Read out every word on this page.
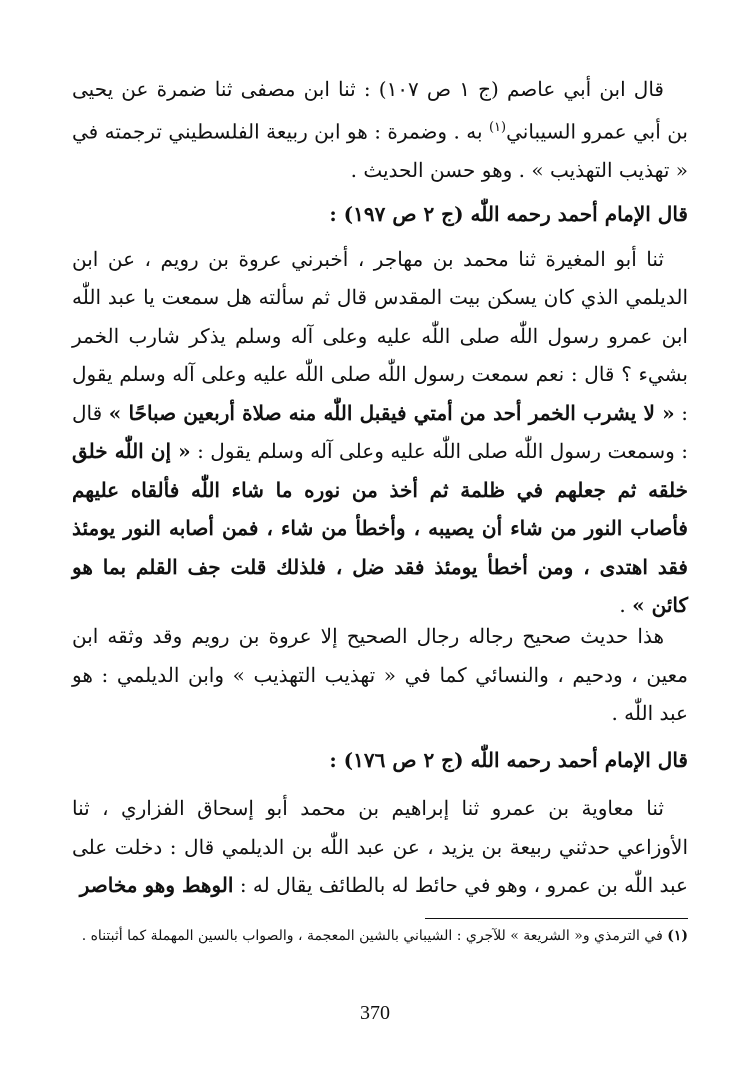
قال ابن أبي عاصم (ج ١ ص ١٠٧) : ثنا ابن مصفى ثنا ضمرة عن يحيى بن أبي عمرو السيباني$^{(١)}$ به . وضمرة : هو ابن ربيعة الفلسطيني ترجمته في « تهذيب التهذيب » . وهو حسن الحديث .

قال الإمام أحمد رحمه اللّٰه (ج ٢ ص ١٩٧) :

ثنا أبو المغيرة ثنا محمد بن مهاجر ، أخبرني عروة بن رويم ، عن ابن الديلمي الذي كان يسكن بيت المقدس قال ثم سألته هل سمعت يا عبد اللّٰه ابن عمرو رسول اللّٰه صلى اللّٰه عليه وعلى آله وسلم يذكر شارب الخمر بشيء ؟ قال : نعم سمعت رسول اللّٰه صلى اللّٰه عليه وعلى آله وسلم يقول : « لا يشرب الخمر أحد من أمتي فيقبل اللّٰه منه صلاة أربعين صباحًا » قال : وسمعت رسول اللّٰه صلى اللّٰه عليه وعلى آله وسلم يقول : « إن اللّٰه خلق خلقه ثم جعلهم في ظلمة ثم أخذ من نوره ما شاء اللّٰه فألقاه عليهم فأصاب النور من شاء أن يصيبه ، وأخطأ من شاء ، فمن أصابه النور يومئذ فقد اهتدى ، ومن أخطأ يومئذ فقد ضل ، فلذلك قلت جف القلم بما هو كائن » .

هذا حديث صحيح رجاله رجال الصحيح إلا عروة بن رويم وقد وثقه ابن معين ، ودحيم ، والنسائي كما في « تهذيب التهذيب » وابن الديلمي : هو عبد اللّٰه .

قال الإمام أحمد رحمه اللّٰه (ج ٢ ص ١٧٦) :

ثنا معاوية بن عمرو ثنا إبراهيم بن محمد أبو إسحاق الفزاري ، ثنا الأوزاعي حدثني ربيعة بن يزيد ، عن عبد اللّٰه بن الديلمي قال : دخلت على عبد اللّٰه بن عمرو ، وهو في حائط له بالطائف يقال له : الوهط وهو مخاصر

(١) في الترمذي و« الشريعة » للآجري : الشيباني بالشين المعجمة ، والصواب بالسين المهملة كما أثبتناه .
370
